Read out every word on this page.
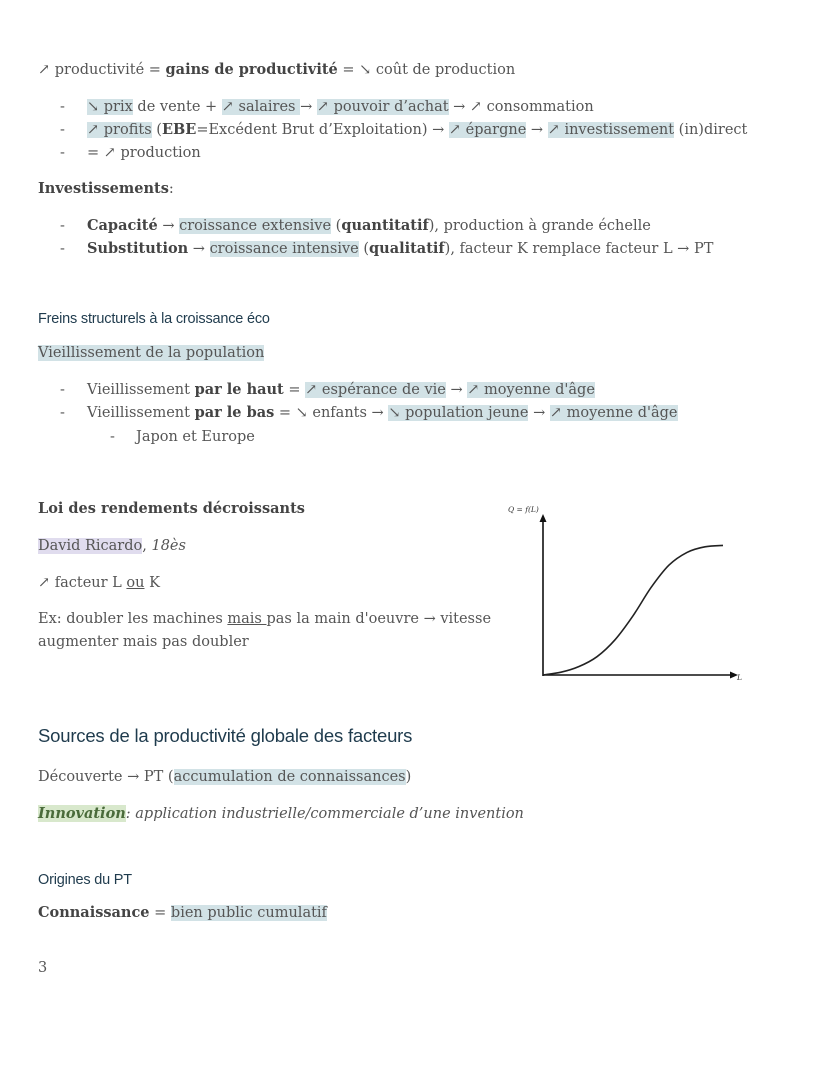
↗ productivité = gains de productivité = ↘ coût de production
- ↘ prix de vente + ↗ salaires → ↗ pouvoir d’achat → ↗ consommation
- ↗ profits (EBE=Excédent Brut d’Exploitation) → ↗ épargne → ↗ investissement (in)direct
- = ↗ production
Investissements:
- Capacité → croissance extensive (quantitatif), production à grande échelle
- Substitution → croissance intensive (qualitatif), facteur K remplace facteur L → PT
Freins structurels à la croissance éco
Vieillissement de la population
- Vieillissement par le haut = ↗ espérance de vie → ↗ moyenne d'âge
- Vieillissement par le bas = ↘ enfants → ↘ population jeune → ↗ moyenne d'âge
- Japon et Europe
Loi des rendements décroissants
David Ricardo, 18ès
↗ facteur L ou K
Ex: doubler les machines mais pas la main d'oeuvre → vitesse
augmenter mais pas doubler
Q = f(L)
L
Sources de la productivité globale des facteurs
Découverte → PT (accumulation de connaissances)
Innovation: application industrielle/commerciale d’une invention
Origines du PT
Connaissance = bien public cumulatif
3
